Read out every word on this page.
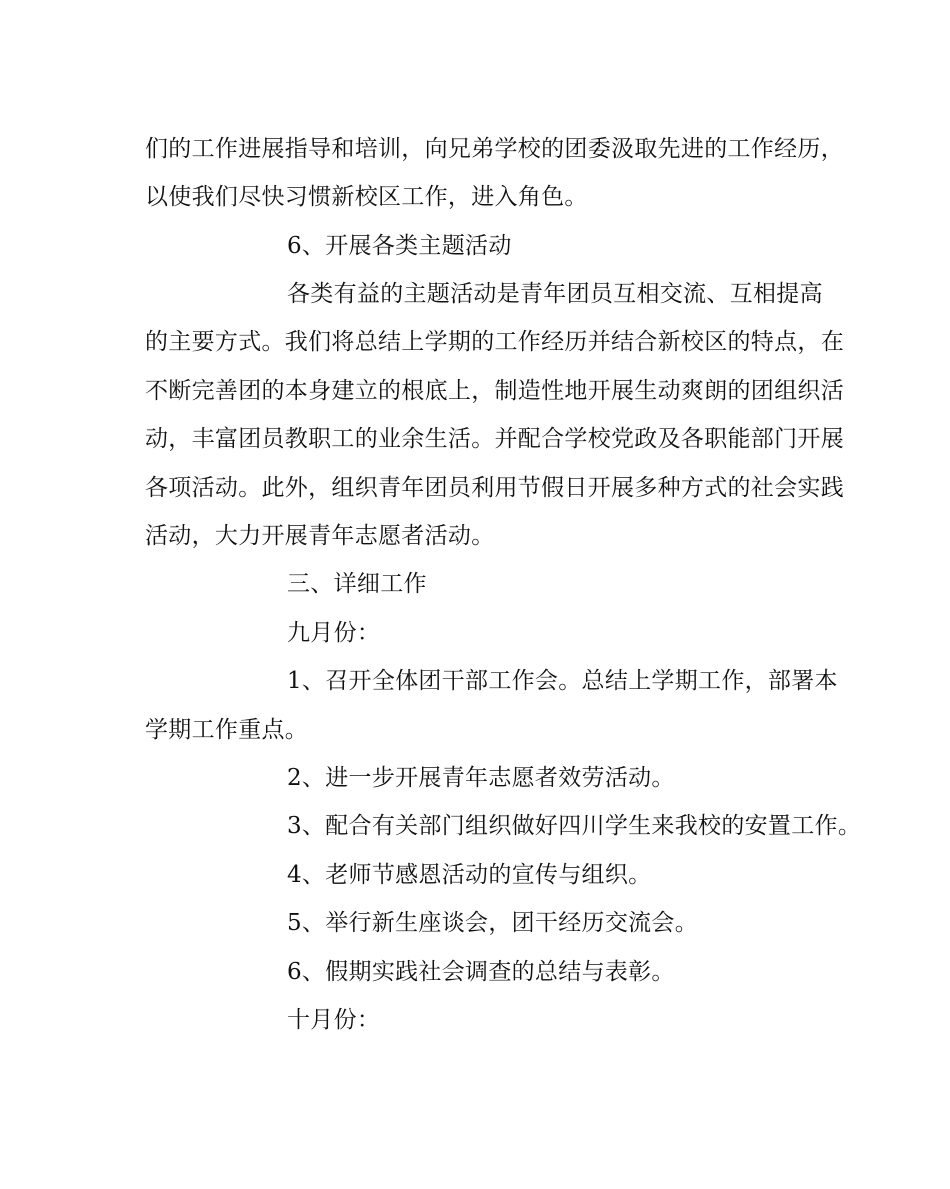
们的工作进展指导和培训，向兄弟学校的团委汲取先进的工作经历，
以使我们尽快习惯新校区工作，进入角色。
6、开展各类主题活动
各类有益的主题活动是青年团员互相交流、互相提高
的主要方式。我们将总结上学期的工作经历并结合新校区的特点，在
不断完善团的本身建立的根底上，制造性地开展生动爽朗的团组织活
动，丰富团员教职工的业余生活。并配合学校党政及各职能部门开展
各项活动。此外，组织青年团员利用节假日开展多种方式的社会实践
活动，大力开展青年志愿者活动。
三、详细工作
九月份：
1、召开全体团干部工作会。总结上学期工作，部署本
学期工作重点。
2、进一步开展青年志愿者效劳活动。
3、配合有关部门组织做好四川学生来我校的安置工作。
4、老师节感恩活动的宣传与组织。
5、举行新生座谈会，团干经历交流会。
6、假期实践社会调查的总结与表彰。
十月份：
